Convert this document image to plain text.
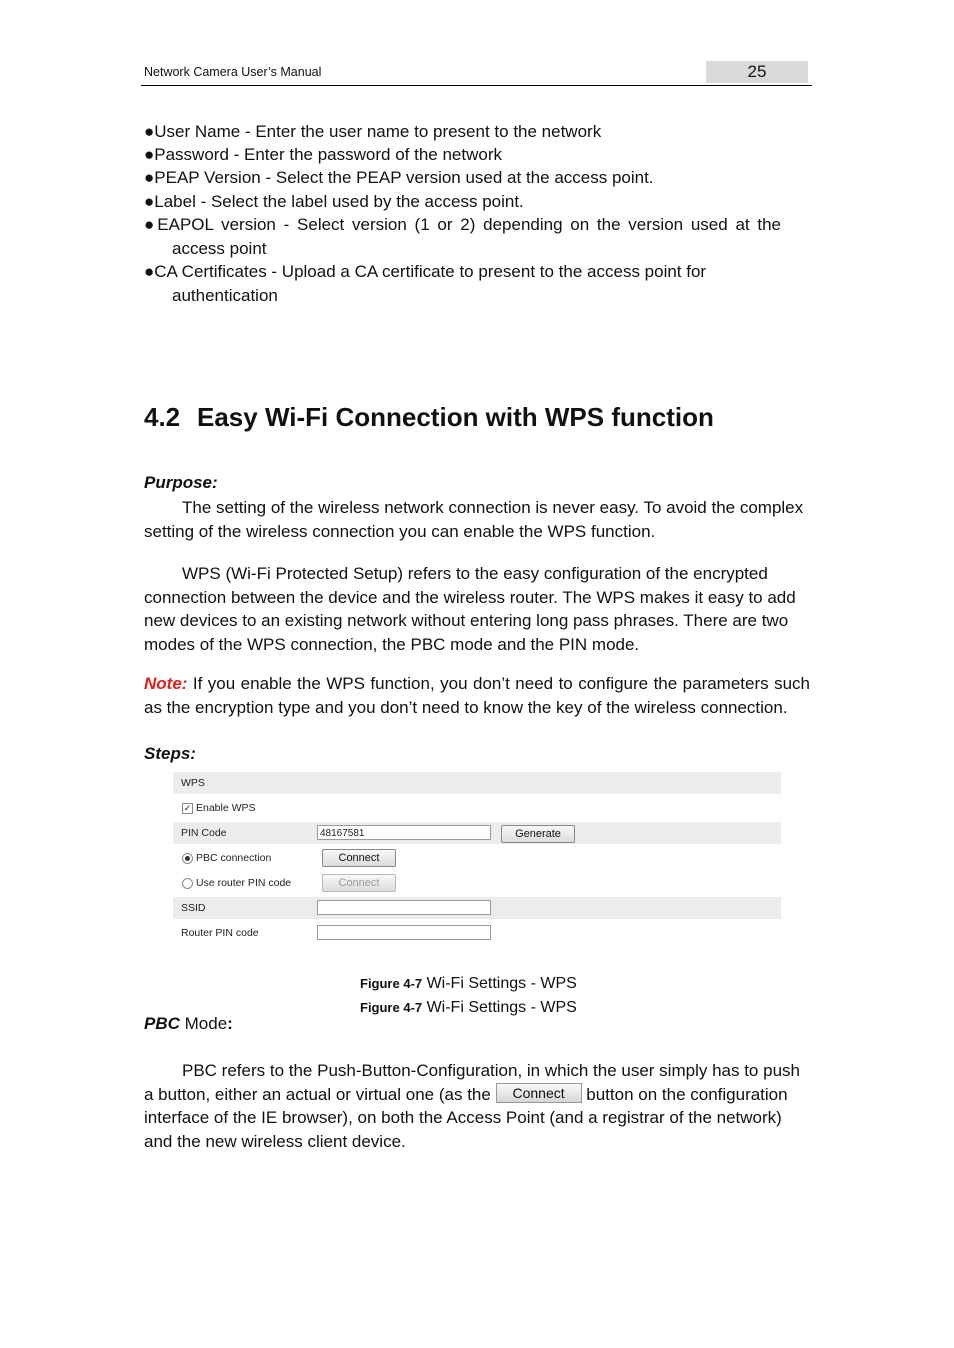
Network Camera User’s Manual	25
●User Name - Enter the user name to present to the network
●Password - Enter the password of the network
●PEAP Version - Select the PEAP version used at the access point.
●Label - Select the label used by the access point.
●EAPOL version - Select version (1 or 2) depending on the version used at the
access point
●CA Certificates - Upload a CA certificate to present to the access point for
authentication
4.2 Easy Wi-Fi Connection with WPS function
Purpose:
The setting of the wireless network connection is never easy. To avoid the complex setting of the wireless connection you can enable the WPS function.
WPS (Wi-Fi Protected Setup) refers to the easy configuration of the encrypted connection between the device and the wireless router. The WPS makes it easy to add new devices to an existing network without entering long pass phrases. There are two modes of the WPS connection, the PBC mode and the PIN mode.
Note: If you enable the WPS function, you don’t need to configure the parameters such as the encryption type and you don’t need to know the key of the wireless connection.
Steps:
WPS
✓ Enable WPS
PIN Code	48167581	Generate
PBC connection	Connect
Use router PIN code	Connect
SSID
Router PIN code
Figure 4-7 Wi-Fi Settings - WPS
Figure 4-7 Wi-Fi Settings - WPS
PBC Mode:
PBC refers to the Push-Button-Configuration, in which the user simply has to push a button, either an actual or virtual one (as the Connect button on the configuration interface of the IE browser), on both the Access Point (and a registrar of the network) and the new wireless client device.
